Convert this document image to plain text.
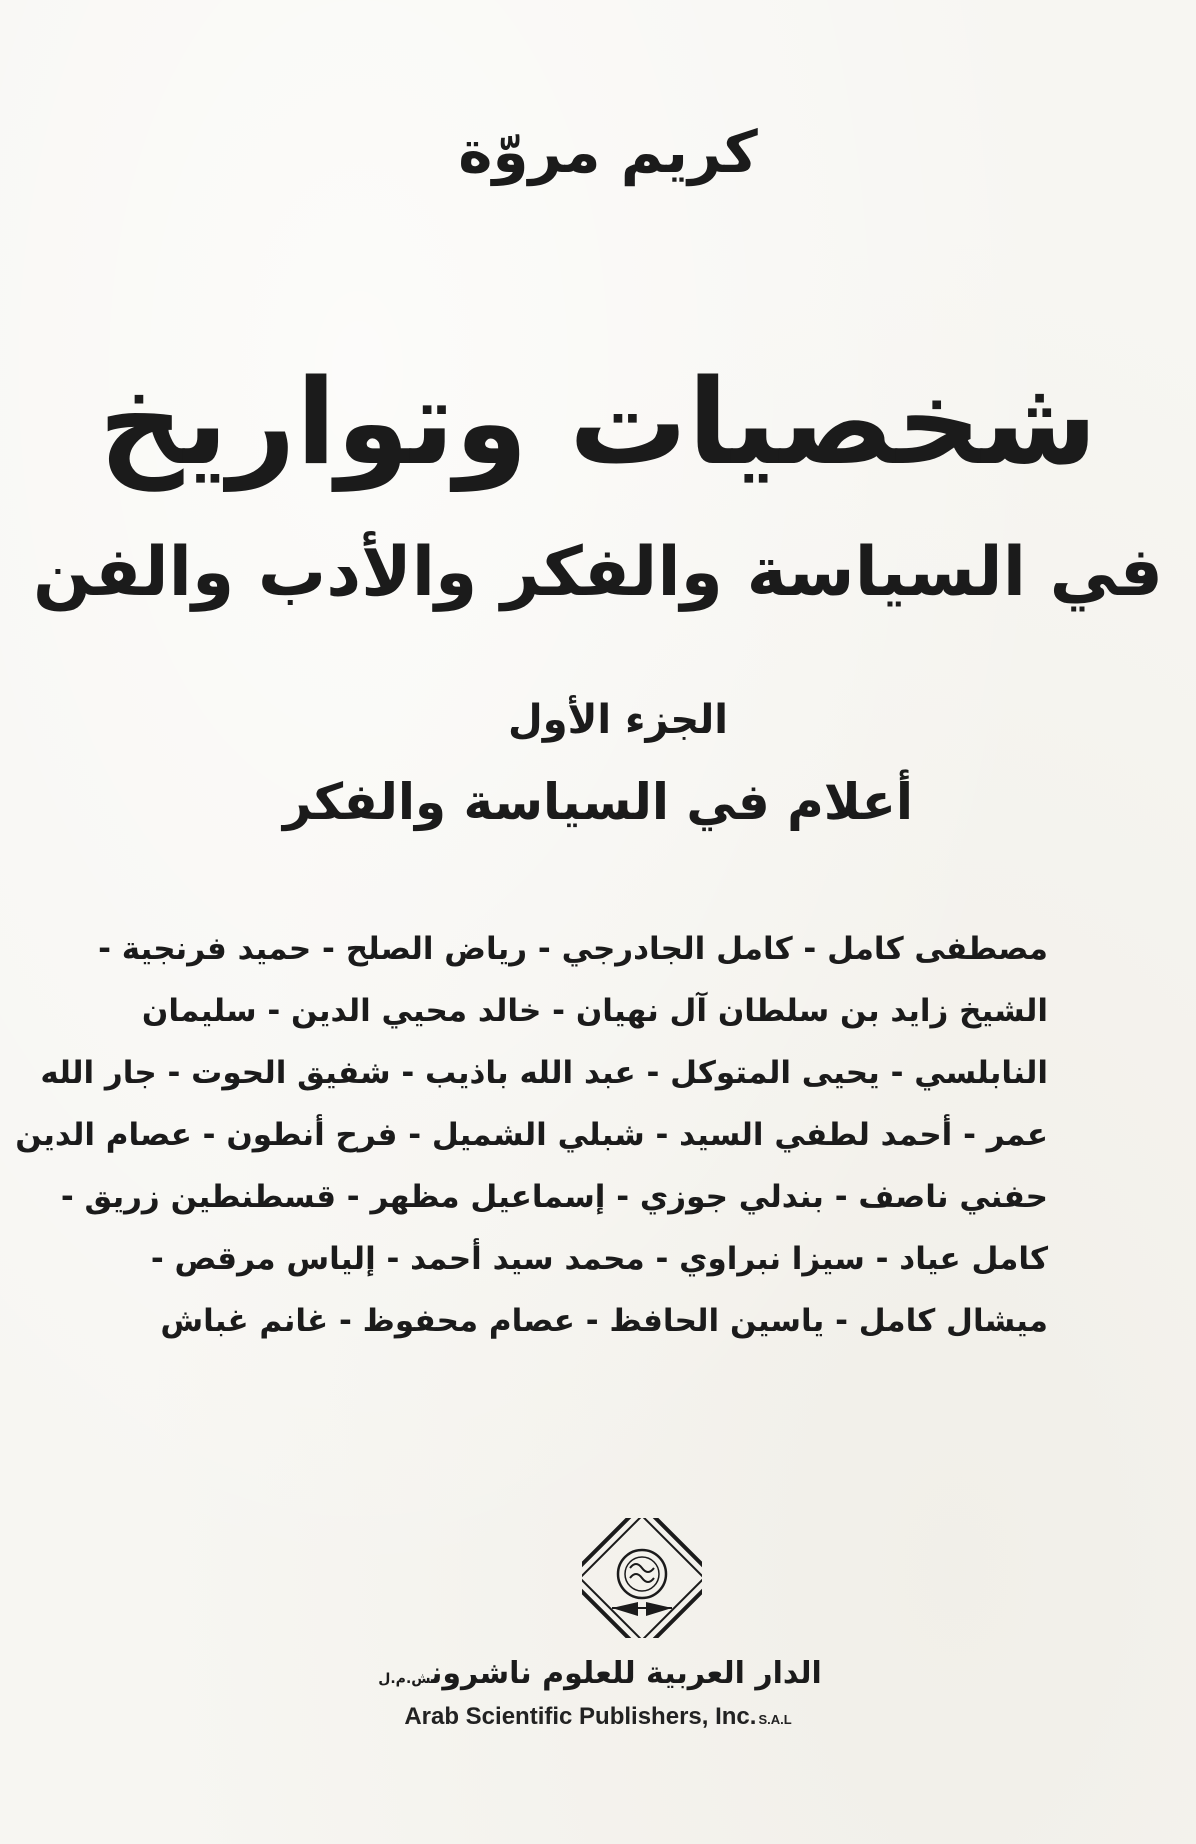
كريم مروّة
شخصيات وتواريخ
في السياسة والفكر والأدب والفن
الجزء الأول
أعلام في السياسة والفكر
مصطفى كامل - كامل الجادرجي - رياض الصلح - حميد فرنجية -
الشيخ زايد بن سلطان آل نهيان - خالد محيي الدين - سليمان
النابلسي - يحيى المتوكل - عبد الله باذيب - شفيق الحوت - جار الله
عمر - أحمد لطفي السيد - شبلي الشميل - فرح أنطون - عصام الدين
حفني ناصف - بندلي جوزي - إسماعيل مظهر - قسطنطين زريق -
كامل عياد - سيزا نبراوي - محمد سيد أحمد - إلياس مرقص -
ميشال كامل - ياسين الحافظ - عصام محفوظ - غانم غباش
الدار العربية للعلوم ناشرونش.م.ل
Arab Scientific Publishers, Inc. S.A.L
